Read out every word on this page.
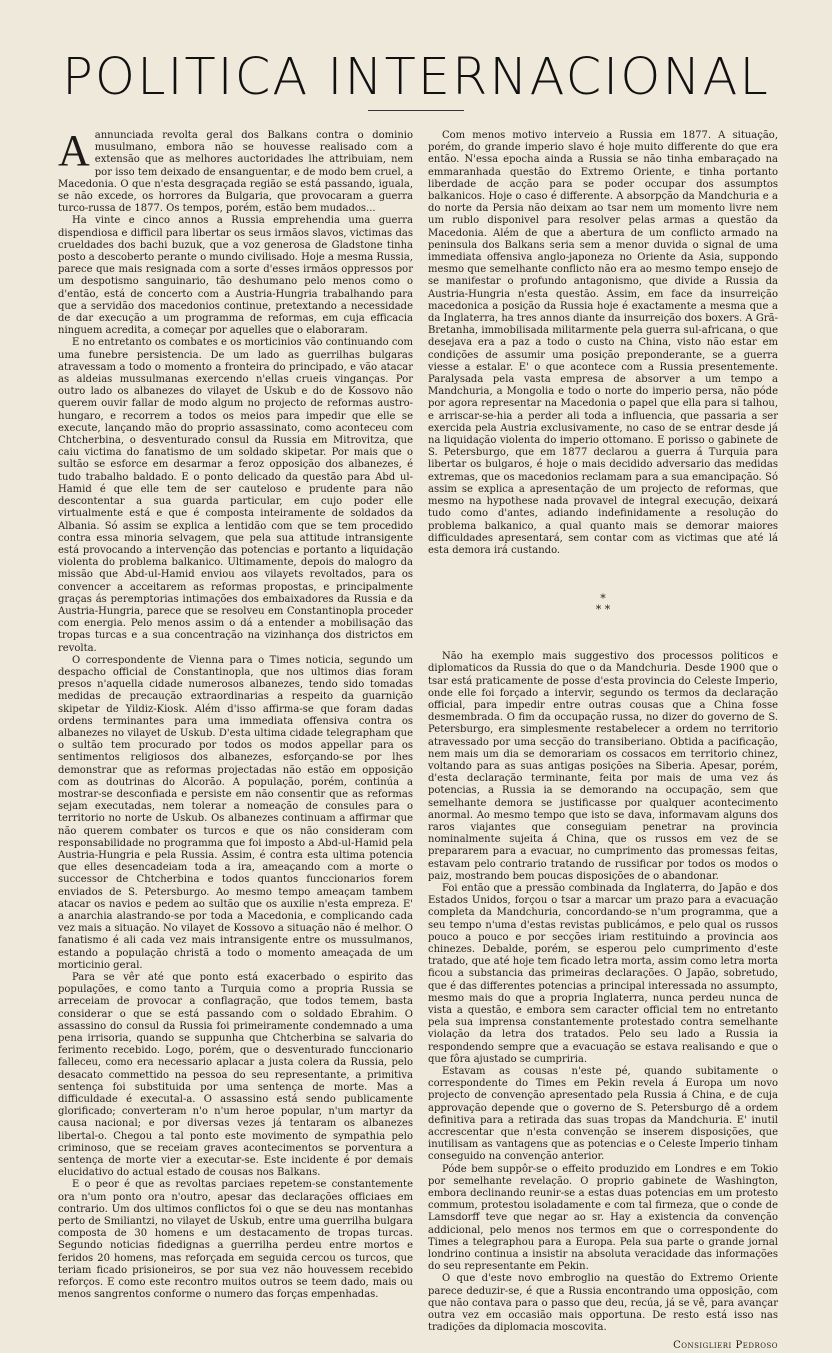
POLITICA INTERNACIONAL

Aannunciada revolta geral dos Balkans contra o dominio musulmano, embora não se houvesse realisado com a extensão que as melhores auctoridades lhe attribuiam, nem por isso tem deixado de ensanguentar, e de modo bem cruel, a Macedonia. O que n'esta desgraçada região se está passando, iguala, se não excede, os horrores da Bulgaria, que provocaram a guerra turco-russa de 1877. Os tempos, porém, estão bem mudados...

Ha vinte e cinco annos a Russia emprehendia uma guerra dispendiosa e difficil para libertar os seus irmãos slavos, victimas das crueldades dos bachi buzuk, que a voz generosa de Gladstone tinha posto a descoberto perante o mundo civilisado. Hoje a mesma Russia, parece que mais resignada com a sorte d'esses irmãos oppressos por um despotismo sanguinario, tão deshumano pelo menos como o d'então, está de concerto com a Austria-Hungria trabalhando para que a servidão dos macedonios continue, pretextando a necessidade de dar execução a um programma de reformas, em cuja efficacia ninguem acredita, a começar por aquelles que o elaboraram.

E no entretanto os combates e os morticinios vão continuando com uma funebre persistencia. De um lado as guerrilhas bulgaras atravessam a todo o momento a fronteira do principado, e vão atacar as aldeias mussulmanas exercendo n'ellas crueis vinganças. Por outro lado os albanezes do vilayet de Uskub e do de Kossovo não querem ouvir fallar de modo algum no projecto de reformas austro-hungaro, e recorrem a todos os meios para impedir que elle se execute, lançando mão do proprio assassinato, como aconteceu com Chtcherbina, o desventurado consul da Russia em Mitrovitza, que caiu victima do fanatismo de um soldado skipetar. Por mais que o sultão se esforce em desarmar a feroz opposição dos albanezes, é tudo trabalho baldado. E o ponto delicado da questão para Abd ul-Hamid é que elle tem de ser cauteloso e prudente para não descontentar a sua guarda particular, em cujo poder elle virtualmente está e que é composta inteiramente de soldados da Albania. Só assim se explica a lentidão com que se tem procedido contra essa minoria selvagem, que pela sua attitude intransigente está provocando a intervenção das potencias e portanto a liquidação violenta do problema balkanico. Ultimamente, depois do malogro da missão que Abd-ul-Hamid enviou aos vilayets revoltados, para os convencer a acceitarem as reformas propostas, e principalmente graças ás peremptorias intimações dos embaixadores da Russia e da Austria-Hungria, parece que se resolveu em Constantinopla proceder com energia. Pelo menos assim o dá a entender a mobilisação das tropas turcas e a sua concentração na vizinhança dos districtos em revolta.

O correspondente de Vienna para o Times noticia, segundo um despacho official de Constantinopla, que nos ultimos dias foram presos n'aquella cidade numerosos albanezes, tendo sido tomadas medidas de precaução extraordinarias a respeito da guarnição skipetar de Yildiz-Kiosk. Além d'isso affirma-se que foram dadas ordens terminantes para uma immediata offensiva contra os albanezes no vilayet de Uskub. D'esta ultima cidade telegrapham que o sultão tem procurado por todos os modos appellar para os sentimentos religiosos dos albanezes, esforçando-se por lhes demonstrar que as reformas projectadas não estão em opposição com as doutrinas do Alcorão. A população, porém, continúa a mostrar-se desconfiada e persiste em não consentir que as reformas sejam executadas, nem tolerar a nomeação de consules para o territorio no norte de Uskub. Os albanezes continuam a affirmar que não querem combater os turcos e que os não consideram com responsabilidade no programma que foi imposto a Abd-ul-Hamid pela Austria-Hungria e pela Russia. Assim, é contra esta ultima potencia que elles desencadeiam toda a ira, ameaçando com a morte o successor de Chtcherbina e todos quantos funccionarios forem enviados de S. Petersburgo. Ao mesmo tempo ameaçam tambem atacar os navios e pedem ao sultão que os auxilie n'esta empreza. E' a anarchia alastrando-se por toda a Macedonia, e complicando cada vez mais a situação. No vilayet de Kossovo a situação não é melhor. O fanatismo é ali cada vez mais intransigente entre os mussulmanos, estando a população christã a todo o momento ameaçada de um morticinio geral.

Para se vêr até que ponto está exacerbado o espirito das populações, e como tanto a Turquia como a propria Russia se arreceiam de provocar a conflagração, que todos temem, basta considerar o que se está passando com o soldado Ebrahim. O assassino do consul da Russia foi primeiramente condemnado a uma pena irrisoria, quando se suppunha que Chtcherbina se salvaria do ferimento recebido. Logo, porém, que o desventurado funccionario falleceu, como era necessario aplacar a justa colera da Russia, pelo desacato commettido na pessoa do seu representante, a primitiva sentença foi substituida por uma sentença de morte. Mas a difficuldade é executal-a. O assassino está sendo publicamente glorificado; converteram n'o n'um heroe popular, n'um martyr da causa nacional; e por diversas vezes já tentaram os albanezes libertal-o. Chegou a tal ponto este movimento de sympathia pelo criminoso, que se receiam graves acontecimentos se porventura a sentença de morte vier a executar-se. Este incidente é por demais elucidativo do actual estado de cousas nos Balkans.

E o peor é que as revoltas parciaes repetem-se constantemente ora n'um ponto ora n'outro, apesar das declarações officiaes em contrario. Um dos ultimos conflictos foi o que se deu nas montanhas perto de Smiliantzi, no vilayet de Uskub, entre uma guerrilha bulgara composta de 30 homens e um destacamento de tropas turcas. Segundo noticias fidedignas a guerrilha perdeu entre mortos e feridos 20 homens, mas reforçada em seguida cercou os turcos, que teriam ficado prisioneiros, se por sua vez não houvessem recebido reforços. E como este recontro muitos outros se teem dado, mais ou menos sangrentos conforme o numero das forças empenhadas.

Com menos motivo interveio a Russia em 1877. A situação, porém, do grande imperio slavo é hoje muito differente do que era então. N'essa epocha ainda a Russia se não tinha embaraçado na emmaranhada questão do Extremo Oriente, e tinha portanto liberdade de acção para se poder occupar dos assumptos balkanicos. Hoje o caso é differente. A absorpção da Mandchuria e a do norte da Persia não deixam ao tsar nem um momento livre nem um rublo disponivel para resolver pelas armas a questão da Macedonia. Além de que a abertura de um conflicto armado na peninsula dos Balkans seria sem a menor duvida o signal de uma immediata offensiva anglo-japoneza no Oriente da Asia, suppondo mesmo que semelhante conflicto não era ao mesmo tempo ensejo de se manifestar o profundo antagonismo, que divide a Russia da Austria-Hungria n'esta questão. Assim, em face da insurreição macedonica a posição da Russia hoje é exactamente a mesma que a da Inglaterra, ha tres annos diante da insurreição dos boxers. A Grã-Bretanha, immobilisada militarmente pela guerra sul-africana, o que desejava era a paz a todo o custo na China, visto não estar em condições de assumir uma posição preponderante, se a guerra viesse a estalar. E' o que acontece com a Russia presentemente. Paralysada pela vasta empresa de absorver a um tempo a Mandchuria, a Mongolia e todo o norte do imperio persa, não póde por agora representar na Macedonia o papel que ella para si talhou, e arriscar-se-hia a perder ali toda a influencia, que passaria a ser exercida pela Austria exclusivamente, no caso de se entrar desde já na liquidação violenta do imperio ottomano. E porisso o gabinete de S. Petersburgo, que em 1877 declarou a guerra á Turquia para libertar os bulgaros, é hoje o mais decidido adversario das medidas extremas, que os macedonios reclamam para a sua emancipação. Só assim se explica a apresentação de um projecto de reformas, que mesmo na hypothese nada provavel de integral execução, deixará tudo como d'antes, adiando indefinidamente a resolução do problema balkanico, a qual quanto mais se demorar maiores difficuldades apresentará, sem contar com as victimas que até lá esta demora irá custando.

*
* *

Não ha exemplo mais suggestivo dos processos politicos e diplomaticos da Russia do que o da Mandchuria. Desde 1900 que o tsar está praticamente de posse d'esta provincia do Celeste Imperio, onde elle foi forçado a intervir, segundo os termos da declaração official, para impedir entre outras cousas que a China fosse desmembrada. O fim da occupação russa, no dizer do governo de S. Petersburgo, era simplesmente restabelecer a ordem no territorio atravessado por uma secção do transiberiano. Obtida a pacificação, nem mais um dia se demorariam os cossacos em territorio chinez, voltando para as suas antigas posições na Siberia. Apesar, porém, d'esta declaração terminante, feita por mais de uma vez ás potencias, a Russia ia se demorando na occupação, sem que semelhante demora se justificasse por qualquer acontecimento anormal. Ao mesmo tempo que isto se dava, informavam alguns dos raros viajantes que conseguiam penetrar na provincia nominalmente sujeita á China, que os russos em vez de se prepararem para a evacuar, no cumprimento das promessas feitas, estavam pelo contrario tratando de russificar por todos os modos o paiz, mostrando bem poucas disposições de o abandonar.

Foi então que a pressão combinada da Inglaterra, do Japão e dos Estados Unidos, forçou o tsar a marcar um prazo para a evacuação completa da Mandchuria, concordando-se n'um programma, que a seu tempo n'uma d'estas revistas publicámos, e pelo qual os russos pouco a pouco e por secções iriam restituindo a provincia aos chinezes. Debalde, porém, se esperou pelo cumprimento d'este tratado, que até hoje tem ficado letra morta, assim como letra morta ficou a substancia das primeiras declarações. O Japão, sobretudo, que é das differentes potencias a principal interessada no assumpto, mesmo mais do que a propria Inglaterra, nunca perdeu nunca de vista a questão, e embora sem caracter official tem no entretanto pela sua imprensa constantemente protestado contra semelhante violação da letra dos tratados. Pelo seu lado a Russia ia respondendo sempre que a evacuação se estava realisando e que o que fôra ajustado se cumpriria.

Estavam as cousas n'este pé, quando subitamente o correspondente do Times em Pekin revela á Europa um novo projecto de convenção apresentado pela Russia á China, e de cuja approvação depende que o governo de S. Petersburgo dê a ordem definitiva para a retirada das suas tropas da Mandchuria. E' inutil accrescentar que n'esta convenção se inserem disposições, que inutilisam as vantagens que as potencias e o Celeste Imperio tinham conseguido na convenção anterior.

Póde bem suppôr-se o effeito produzido em Londres e em Tokio por semelhante revelação. O proprio gabinete de Washington, embora declinando reunir-se a estas duas potencias em um protesto commum, protestou isoladamente e com tal firmeza, que o conde de Lamsdorff teve que negar ao sr. Hay a existencia da convenção addicional, pelo menos nos termos em que o correspondente do Times a telegraphou para a Europa. Pela sua parte o grande jornal londrino continua a insistir na absoluta veracidade das informações do seu representante em Pekin.

O que d'este novo embroglio na questão do Extremo Oriente parece deduzir-se, é que a Russia encontrando uma opposição, com que não contava para o passo que deu, recúa, já se vê, para avançar outra vez em occasião mais opportuna. De resto está isso nas tradições da diplomacia moscovita.

Consiglieri Pedroso
